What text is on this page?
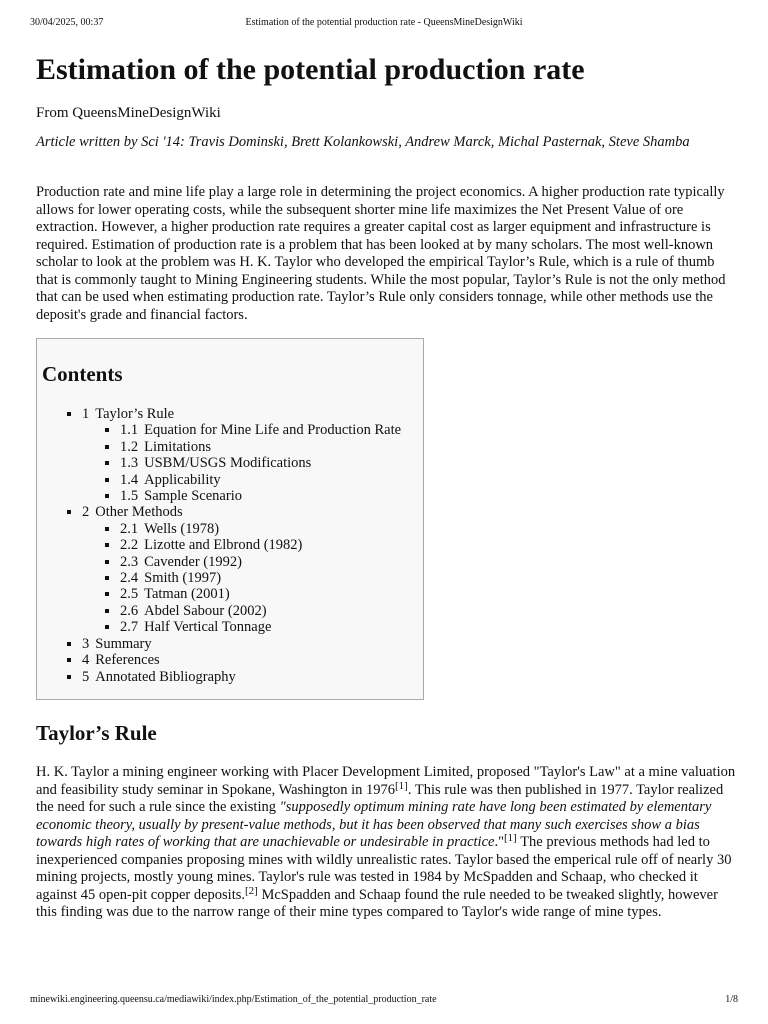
30/04/2025, 00:37	Estimation of the potential production rate - QueensMineDesignWiki
Estimation of the potential production rate
From QueensMineDesignWiki
Article written by Sci '14: Travis Dominski, Brett Kolankowski, Andrew Marck, Michal Pasternak, Steve Shamba

Production rate and mine life play a large role in determining the project economics. A higher production rate typically allows for lower operating costs, while the subsequent shorter mine life maximizes the Net Present Value of ore extraction. However, a higher production rate requires a greater capital cost as larger equipment and infrastructure is required. Estimation of production rate is a problem that has been looked at by many scholars. The most well-known scholar to look at the problem was H. K. Taylor who developed the empirical Taylor’s Rule, which is a rule of thumb that is commonly taught to Mining Engineering students. While the most popular, Taylor’s Rule is not the only method that can be used when estimating production rate. Taylor’s Rule only considers tonnage, while other methods use the deposit's grade and financial factors.

Contents
▪ 1 Taylor’s Rule
▪ 1.1 Equation for Mine Life and Production Rate
▪ 1.2 Limitations
▪ 1.3 USBM/USGS Modifications
▪ 1.4 Applicability
▪ 1.5 Sample Scenario
▪ 2 Other Methods
▪ 2.1 Wells (1978)
▪ 2.2 Lizotte and Elbrond (1982)
▪ 2.3 Cavender (1992)
▪ 2.4 Smith (1997)
▪ 2.5 Tatman (2001)
▪ 2.6 Abdel Sabour (2002)
▪ 2.7 Half Vertical Tonnage
▪ 3 Summary
▪ 4 References
▪ 5 Annotated Bibliography
Taylor’s Rule

H. K. Taylor a mining engineer working with Placer Development Limited, proposed "Taylor's Law" at a mine valuation and feasibility study seminar in Spokane, Washington in 1976[1]. This rule was then published in 1977. Taylor realized the need for such a rule since the existing "supposedly optimum mining rate have long been estimated by elementary economic theory, usually by present-value methods, but it has been observed that many such exercises show a bias towards high rates of working that are unachievable or undesirable in practice."[1] The previous methods had led to inexperienced companies proposing mines with wildly unrealistic rates. Taylor based the emperical rule off of nearly 30 mining projects, mostly young mines. Taylor's rule was tested in 1984 by McSpadden and Schaap, who checked it against 45 open-pit copper deposits.[2] McSpadden and Schaap found the rule needed to be tweaked slightly, however this finding was due to the narrow range of their mine types compared to Taylor's wide range of mine types.

minewiki.engineering.queensu.ca/mediawiki/index.php/Estimation_of_the_potential_production_rate	1/8
